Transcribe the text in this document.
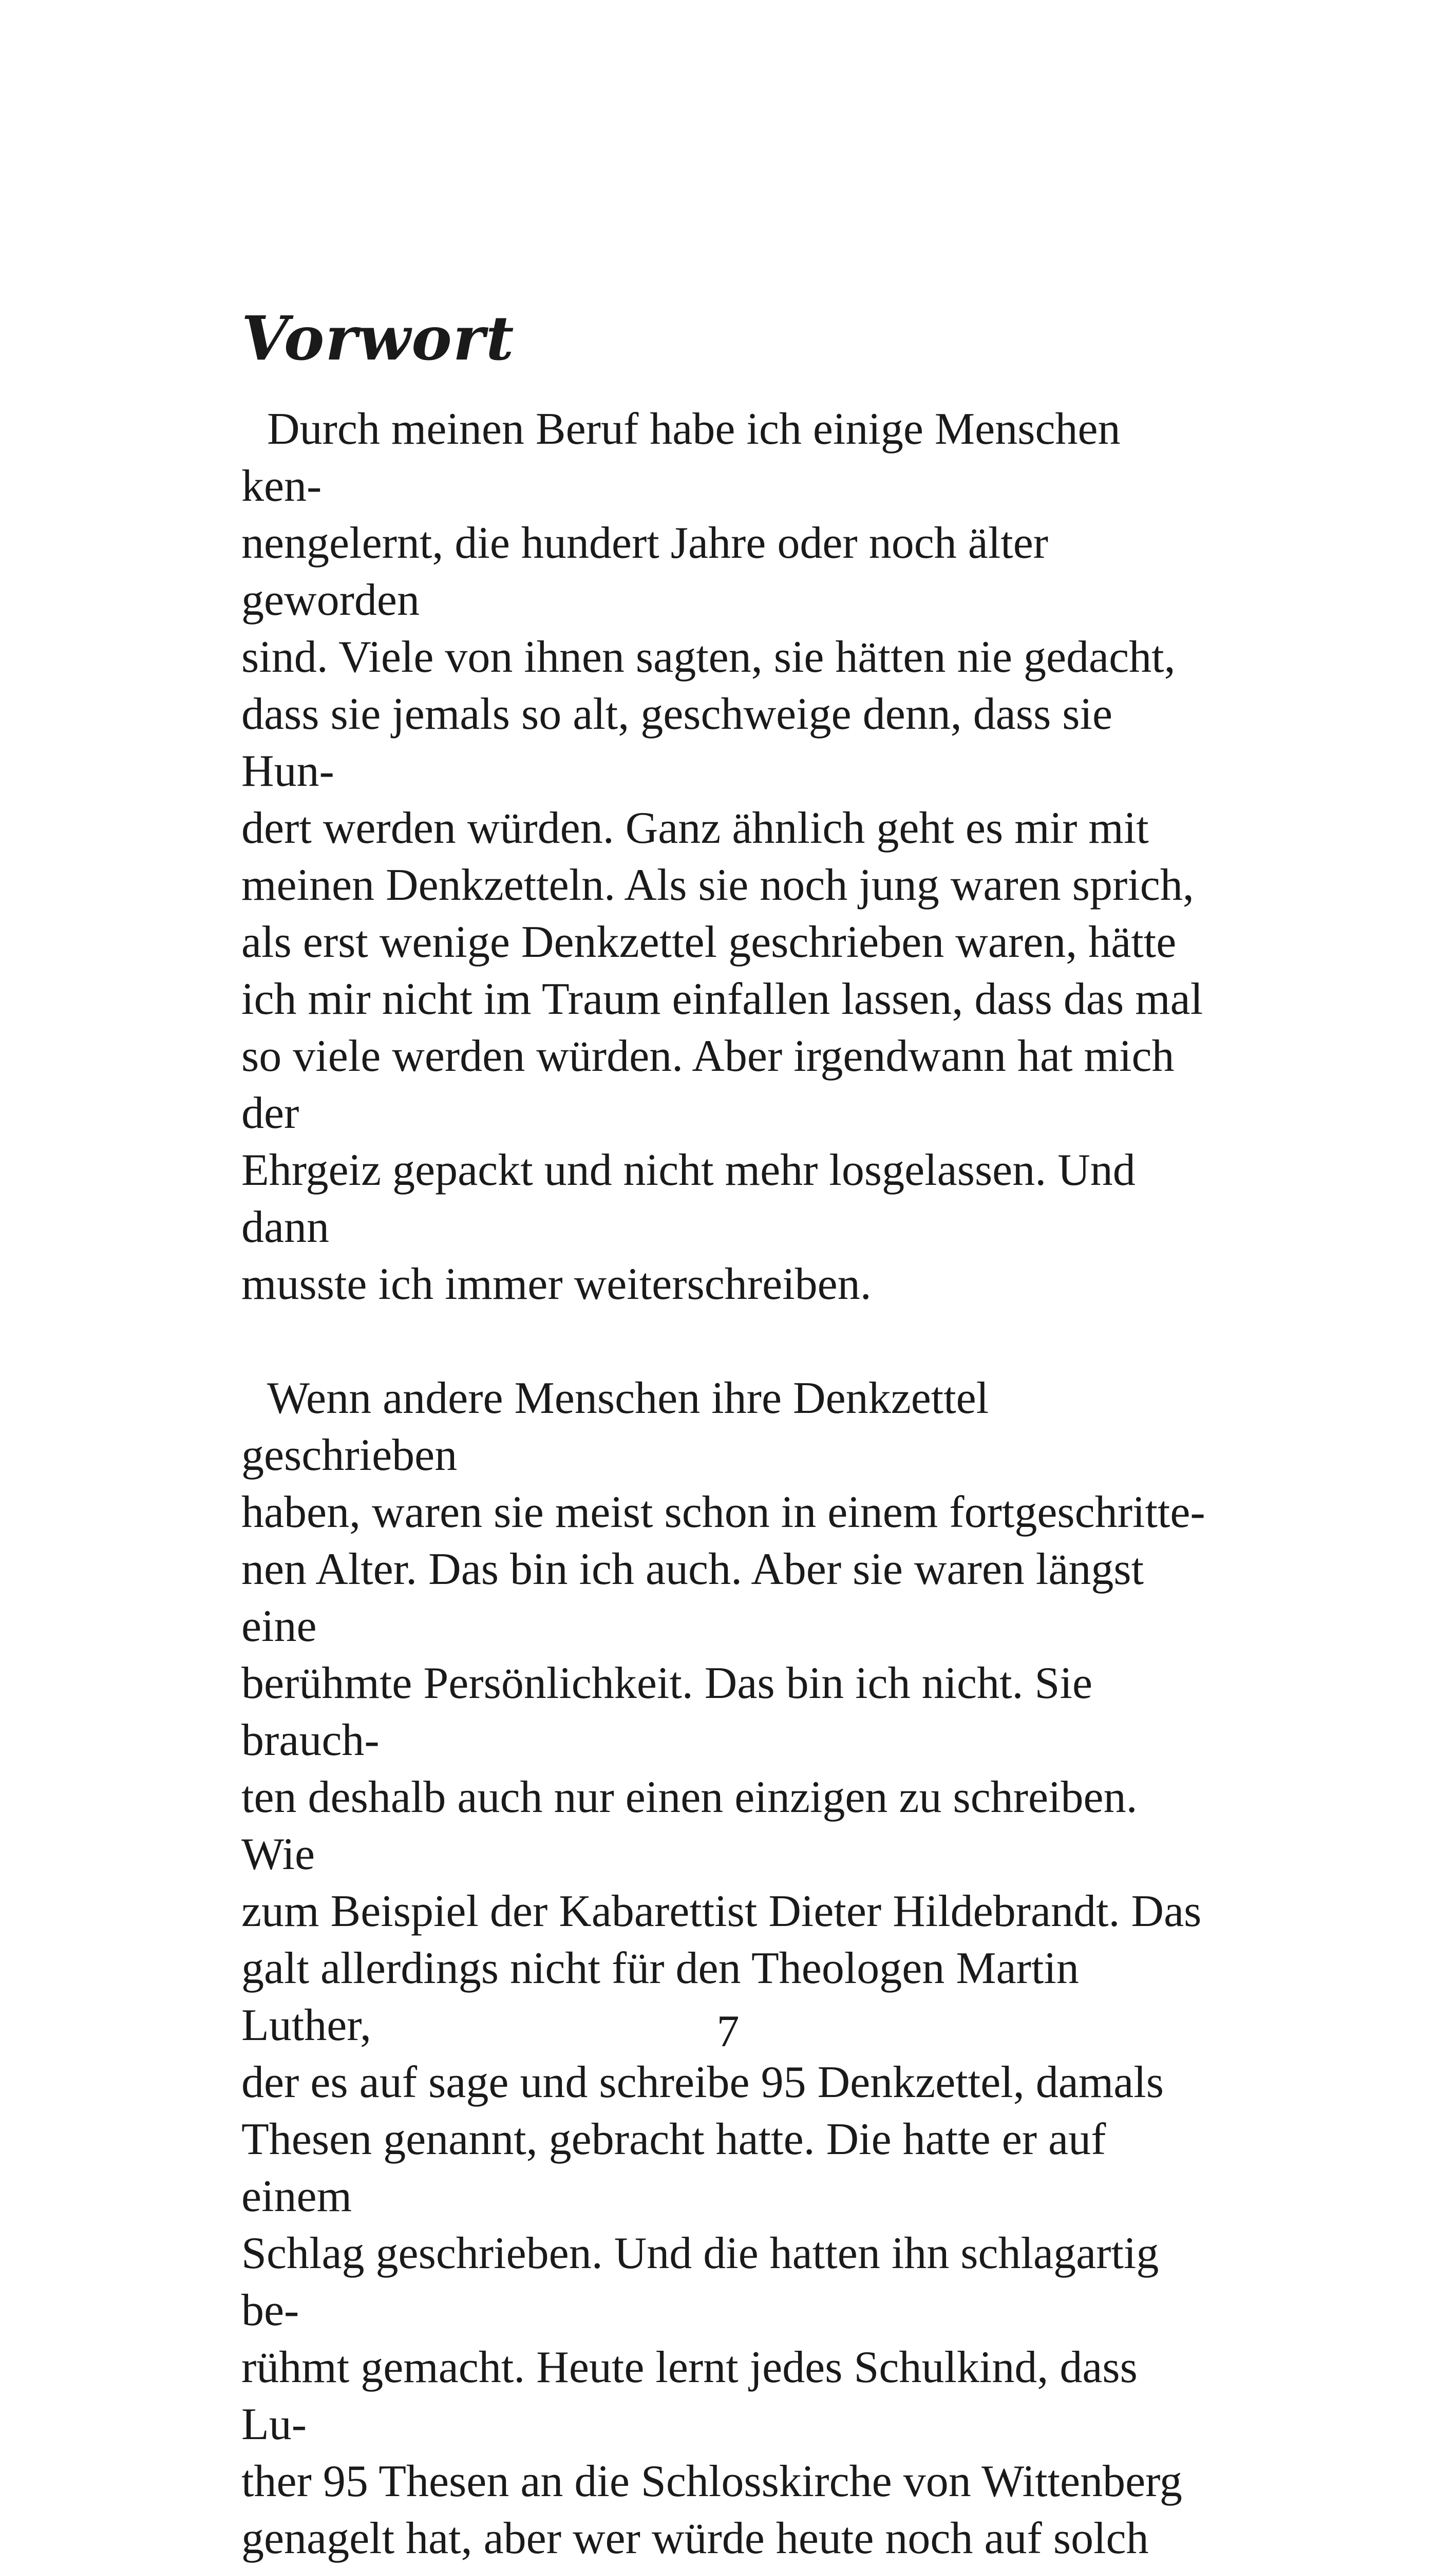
Vorwort

Durch meinen Beruf habe ich einige Menschen ken-
nengelernt, die hundert Jahre oder noch älter geworden
sind. Viele von ihnen sagten, sie hätten nie gedacht,
dass sie jemals so alt, geschweige denn, dass sie Hun-
dert werden würden. Ganz ähnlich geht es mir mit
meinen Denkzetteln. Als sie noch jung waren sprich,
als erst wenige Denkzettel geschrieben waren, hätte
ich mir nicht im Traum einfallen lassen, dass das mal
so viele werden würden. Aber irgendwann hat mich der
Ehrgeiz gepackt und nicht mehr losgelassen. Und dann
musste ich immer weiterschreiben.

Wenn andere Menschen ihre Denkzettel geschrieben
haben, waren sie meist schon in einem fortgeschritte-
nen Alter. Das bin ich auch. Aber sie waren längst eine
berühmte Persönlichkeit. Das bin ich nicht. Sie brauch-
ten deshalb auch nur einen einzigen zu schreiben. Wie
zum Beispiel der Kabarettist Dieter Hildebrandt. Das
galt allerdings nicht für den Theologen Martin Luther,
der es auf sage und schreibe 95 Denkzettel, damals
Thesen genannt, gebracht hatte. Die hatte er auf einem
Schlag geschrieben. Und die hatten ihn schlagartig be-
rühmt gemacht. Heute lernt jedes Schulkind, dass Lu-
ther 95 Thesen an die Schlosskirche von Wittenberg
genagelt hat, aber wer würde heute noch auf solch

7
